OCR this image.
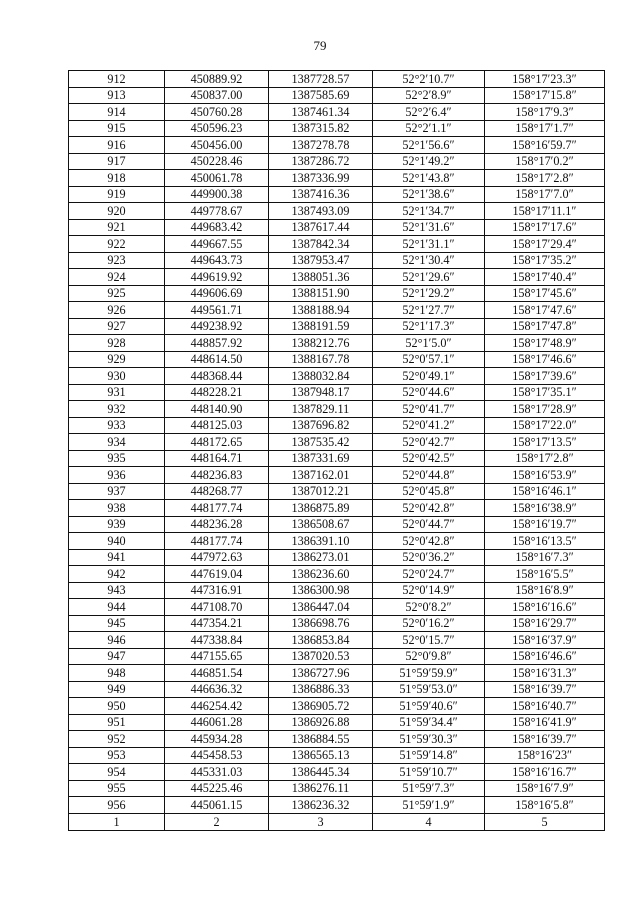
79
912	450889.92	1387728.57	52°2′10.7″	158°17′23.3″
913	450837.00	1387585.69	52°2′8.9″	158°17′15.8″
914	450760.28	1387461.34	52°2′6.4″	158°17′9.3″
915	450596.23	1387315.82	52°2′1.1″	158°17′1.7″
916	450456.00	1387278.78	52°1′56.6″	158°16′59.7″
917	450228.46	1387286.72	52°1′49.2″	158°17′0.2″
918	450061.78	1387336.99	52°1′43.8″	158°17′2.8″
919	449900.38	1387416.36	52°1′38.6″	158°17′7.0″
920	449778.67	1387493.09	52°1′34.7″	158°17′11.1″
921	449683.42	1387617.44	52°1′31.6″	158°17′17.6″
922	449667.55	1387842.34	52°1′31.1″	158°17′29.4″
923	449643.73	1387953.47	52°1′30.4″	158°17′35.2″
924	449619.92	1388051.36	52°1′29.6″	158°17′40.4″
925	449606.69	1388151.90	52°1′29.2″	158°17′45.6″
926	449561.71	1388188.94	52°1′27.7″	158°17′47.6″
927	449238.92	1388191.59	52°1′17.3″	158°17′47.8″
928	448857.92	1388212.76	52°1′5.0″	158°17′48.9″
929	448614.50	1388167.78	52°0′57.1″	158°17′46.6″
930	448368.44	1388032.84	52°0′49.1″	158°17′39.6″
931	448228.21	1387948.17	52°0′44.6″	158°17′35.1″
932	448140.90	1387829.11	52°0′41.7″	158°17′28.9″
933	448125.03	1387696.82	52°0′41.2″	158°17′22.0″
934	448172.65	1387535.42	52°0′42.7″	158°17′13.5″
935	448164.71	1387331.69	52°0′42.5″	158°17′2.8″
936	448236.83	1387162.01	52°0′44.8″	158°16′53.9″
937	448268.77	1387012.21	52°0′45.8″	158°16′46.1″
938	448177.74	1386875.89	52°0′42.8″	158°16′38.9″
939	448236.28	1386508.67	52°0′44.7″	158°16′19.7″
940	448177.74	1386391.10	52°0′42.8″	158°16′13.5″
941	447972.63	1386273.01	52°0′36.2″	158°16′7.3″
942	447619.04	1386236.60	52°0′24.7″	158°16′5.5″
943	447316.91	1386300.98	52°0′14.9″	158°16′8.9″
944	447108.70	1386447.04	52°0′8.2″	158°16′16.6″
945	447354.21	1386698.76	52°0′16.2″	158°16′29.7″
946	447338.84	1386853.84	52°0′15.7″	158°16′37.9″
947	447155.65	1387020.53	52°0′9.8″	158°16′46.6″
948	446851.54	1386727.96	51°59′59.9″	158°16′31.3″
949	446636.32	1386886.33	51°59′53.0″	158°16′39.7″
950	446254.42	1386905.72	51°59′40.6″	158°16′40.7″
951	446061.28	1386926.88	51°59′34.4″	158°16′41.9″
952	445934.28	1386884.55	51°59′30.3″	158°16′39.7″
953	445458.53	1386565.13	51°59′14.8″	158°16′23″
954	445331.03	1386445.34	51°59′10.7″	158°16′16.7″
955	445225.46	1386276.11	51°59′7.3″	158°16′7.9″
956	445061.15	1386236.32	51°59′1.9″	158°16′5.8″
1	2	3	4	5
